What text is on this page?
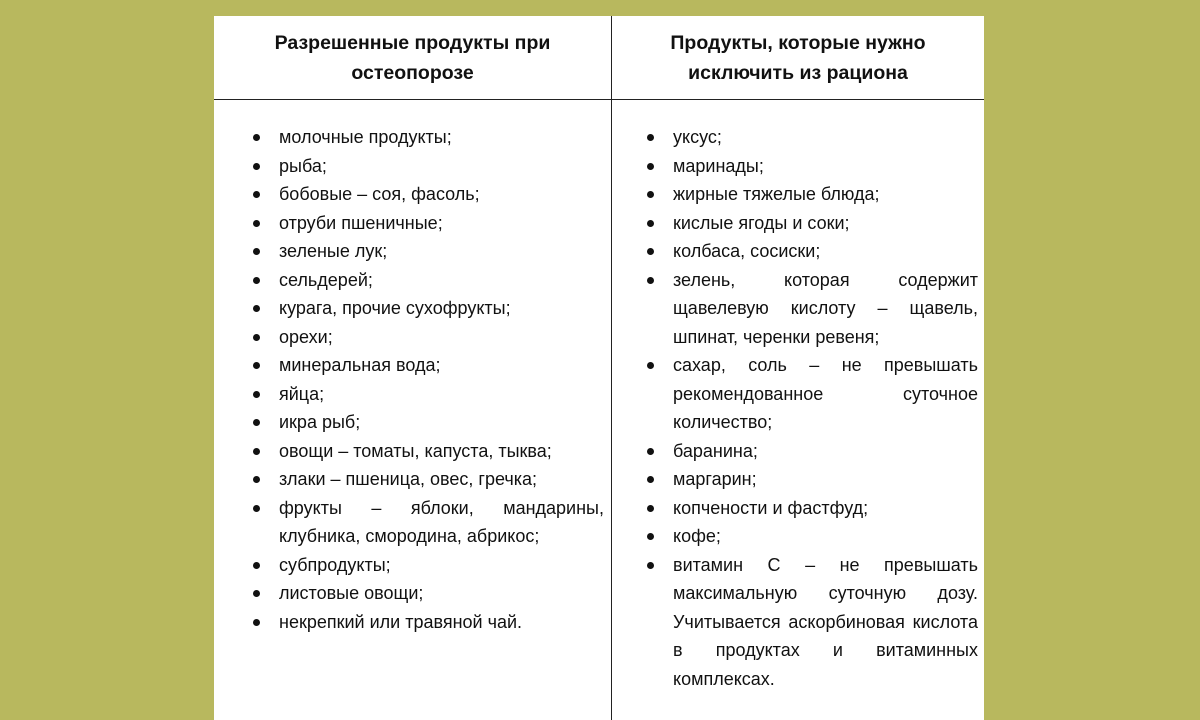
Разрешенные продукты при остеопорозе
Продукты, которые нужно исключить из рациона
молочные продукты;
рыба;
бобовые – соя, фасоль;
отруби пшеничные;
зеленые лук;
сельдерей;
курага, прочие сухофрукты;
орехи;
минеральная вода;
яйца;
икра рыб;
овощи – томаты, капуста, тыква;
злаки – пшеница, овес, гречка;
фрукты – яблоки, мандарины, клубника, смородина, абрикос;
субпродукты;
листовые овощи;
некрепкий или травяной чай.
уксус;
маринады;
жирные тяжелые блюда;
кислые ягоды и соки;
колбаса, сосиски;
зелень, которая содержит щавелевую кислоту – щавель, шпинат, черенки ревеня;
сахар, соль – не превышать рекомендованное суточное количество;
баранина;
маргарин;
копчености и фастфуд;
кофе;
витамин С – не превышать максимальную суточную дозу. Учитывается аскорбиновая кислота в продуктах и витаминных комплексах.
